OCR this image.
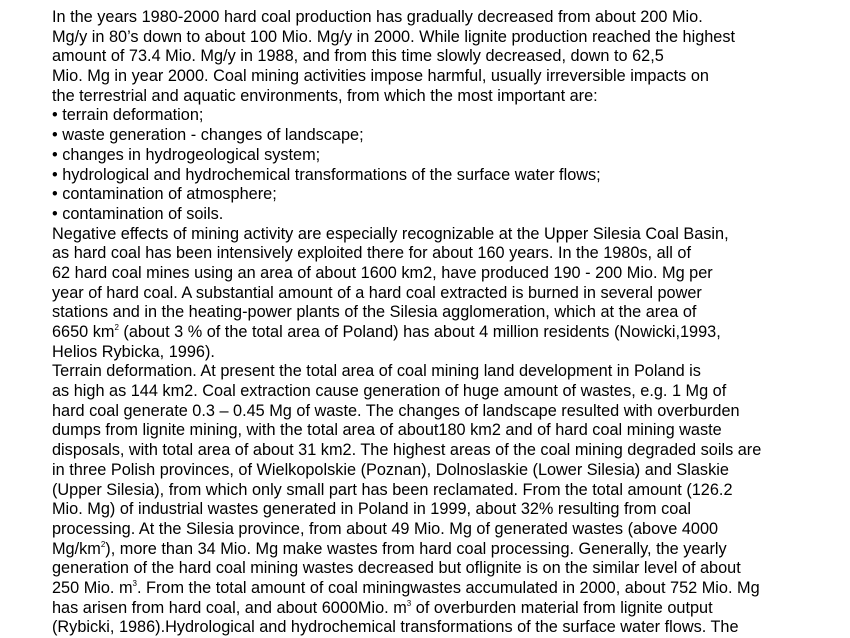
In the years 1980-2000 hard coal production has gradually decreased from about 200 Mio.
Mg/y in 80’s down to about 100 Mio. Mg/y in 2000. While lignite production reached the highest
amount of 73.4 Mio. Mg/y in 1988, and from this time slowly decreased, down to 62,5
Mio. Mg in year 2000. Coal mining activities impose harmful, usually irreversible impacts on
the terrestrial and aquatic environments, from which the most important are:
• terrain deformation;
• waste generation - changes of landscape;
• changes in hydrogeological system;
• hydrological and hydrochemical transformations of the surface water flows;
• contamination of atmosphere;
• contamination of soils.
Negative effects of mining activity are especially recognizable at the Upper Silesia Coal Basin,
as hard coal has been intensively exploited there for about 160 years. In the 1980s, all of
62 hard coal mines using an area of about 1600 km2, have produced 190 - 200 Mio. Mg per
year of hard coal. A substantial amount of a hard coal extracted is burned in several power
stations and in the heating-power plants of the Silesia agglomeration, which at the area of
6650 $km^2$ (about 3 % of the total area of Poland) has about 4 million residents (Nowicki,1993,
Helios Rybicka, 1996).
Terrain deformation. At present the total area of coal mining land development in Poland is
as high as 144 km2. Coal extraction cause generation of huge amount of wastes, e.g. 1 Mg of
hard coal generate 0.3 – 0.45 Mg of waste. The changes of landscape resulted with overburden
dumps from lignite mining, with the total area of about180 km2 and of hard coal mining waste
disposals, with total area of about 31 km2. The highest areas of the coal mining degraded soils are
in three Polish provinces, of Wielkopolskie (Poznan), Dolnoslaskie (Lower Silesia) and Slaskie
(Upper Silesia), from which only small part has been reclamated. From the total amount (126.2
Mio. Mg) of industrial wastes generated in Poland in 1999, about 32% resulting from coal
processing. At the Silesia province, from about 49 Mio. Mg of generated wastes (above 4000
$Mg/km^2$), more than 34 Mio. Mg make wastes from hard coal processing. Generally, the yearly
generation of the hard coal mining wastes decreased but oflignite is on the similar level of about
250 Mio. $m^3$. From the total amount of coal miningwastes accumulated in 2000, about 752 Mio. Mg
has arisen from hard coal, and about 6000Mio. $m^3$ of overburden material from lignite output
(Rybicki, 1986).Hydrological and hydrochemical transformations of the surface water flows. The
